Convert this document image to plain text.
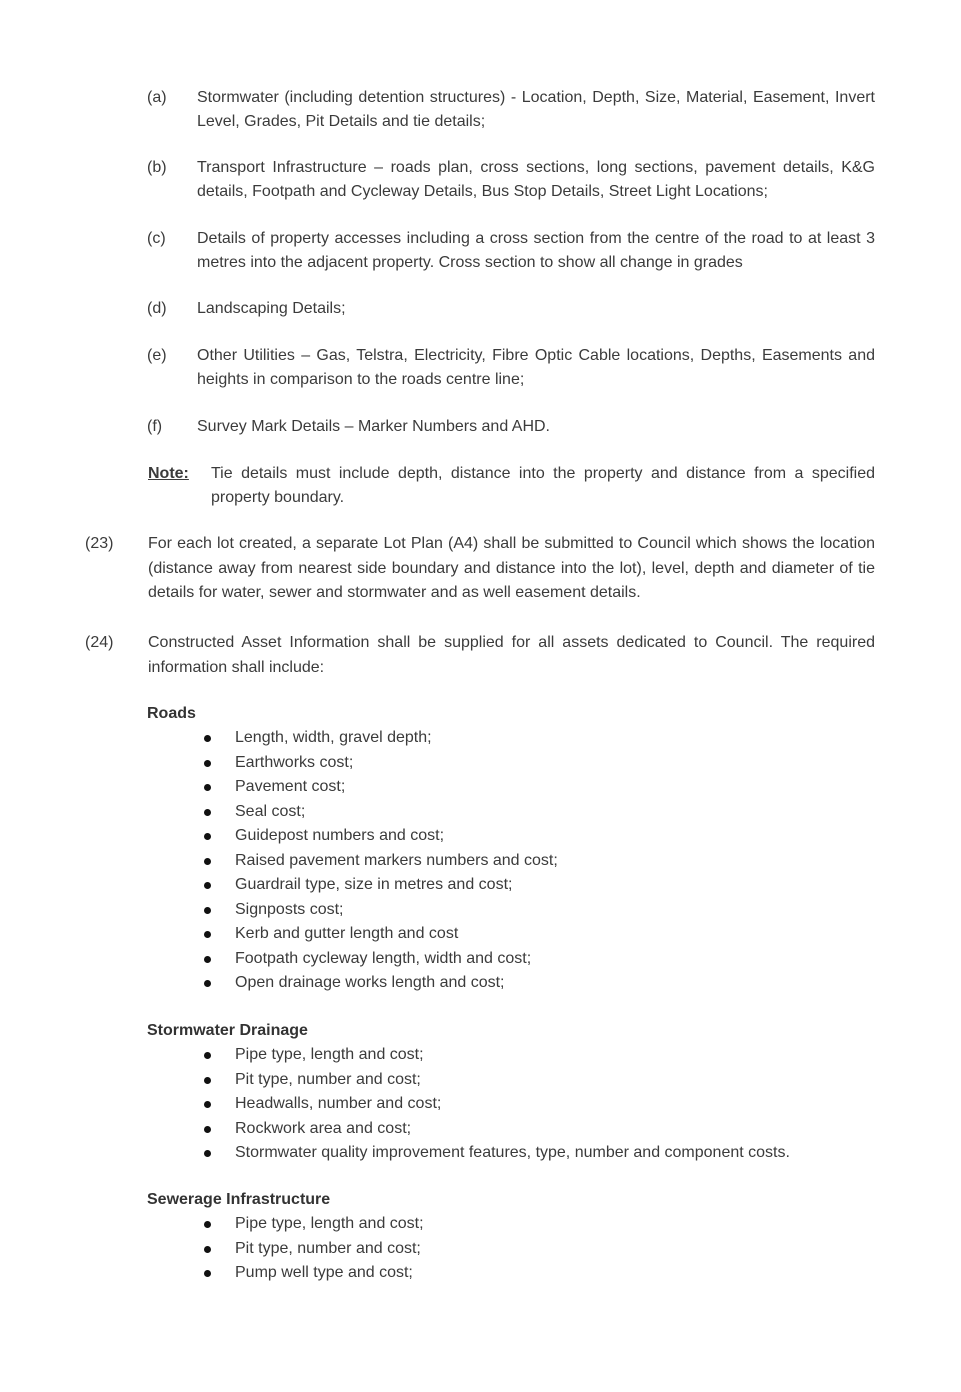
(a)	Stormwater (including detention structures) - Location, Depth, Size, Material, Easement, Invert Level, Grades, Pit Details and tie details;
(b)	Transport Infrastructure – roads plan, cross sections, long sections, pavement details, K&G details, Footpath and Cycleway Details, Bus Stop Details, Street Light Locations;
(c)	Details of property accesses including a cross section from the centre of the road to at least 3 metres into the adjacent property. Cross section to show all change in grades
(d)	Landscaping Details;
(e)	Other Utilities – Gas, Telstra, Electricity, Fibre Optic Cable locations, Depths, Easements and heights in comparison to the roads centre line;
(f)	Survey Mark Details – Marker Numbers and AHD.
Note: Tie details must include depth, distance into the property and distance from a specified property boundary.
(23) For each lot created, a separate Lot Plan (A4) shall be submitted to Council which shows the location (distance away from nearest side boundary and distance into the lot), level, depth and diameter of tie details for water, sewer and stormwater and as well easement details.
(24) Constructed Asset Information shall be supplied for all assets dedicated to Council. The required information shall include:
Roads
Length, width, gravel depth;
Earthworks cost;
Pavement cost;
Seal cost;
Guidepost numbers and cost;
Raised pavement markers numbers and cost;
Guardrail type, size in metres and cost;
Signposts cost;
Kerb and gutter length and cost
Footpath cycleway length, width and cost;
Open drainage works length and cost;
Stormwater Drainage
Pipe type, length and cost;
Pit type, number and cost;
Headwalls, number and cost;
Rockwork area and cost;
Stormwater quality improvement features, type, number and component costs.
Sewerage Infrastructure
Pipe type, length and cost;
Pit type, number and cost;
Pump well type and cost;
